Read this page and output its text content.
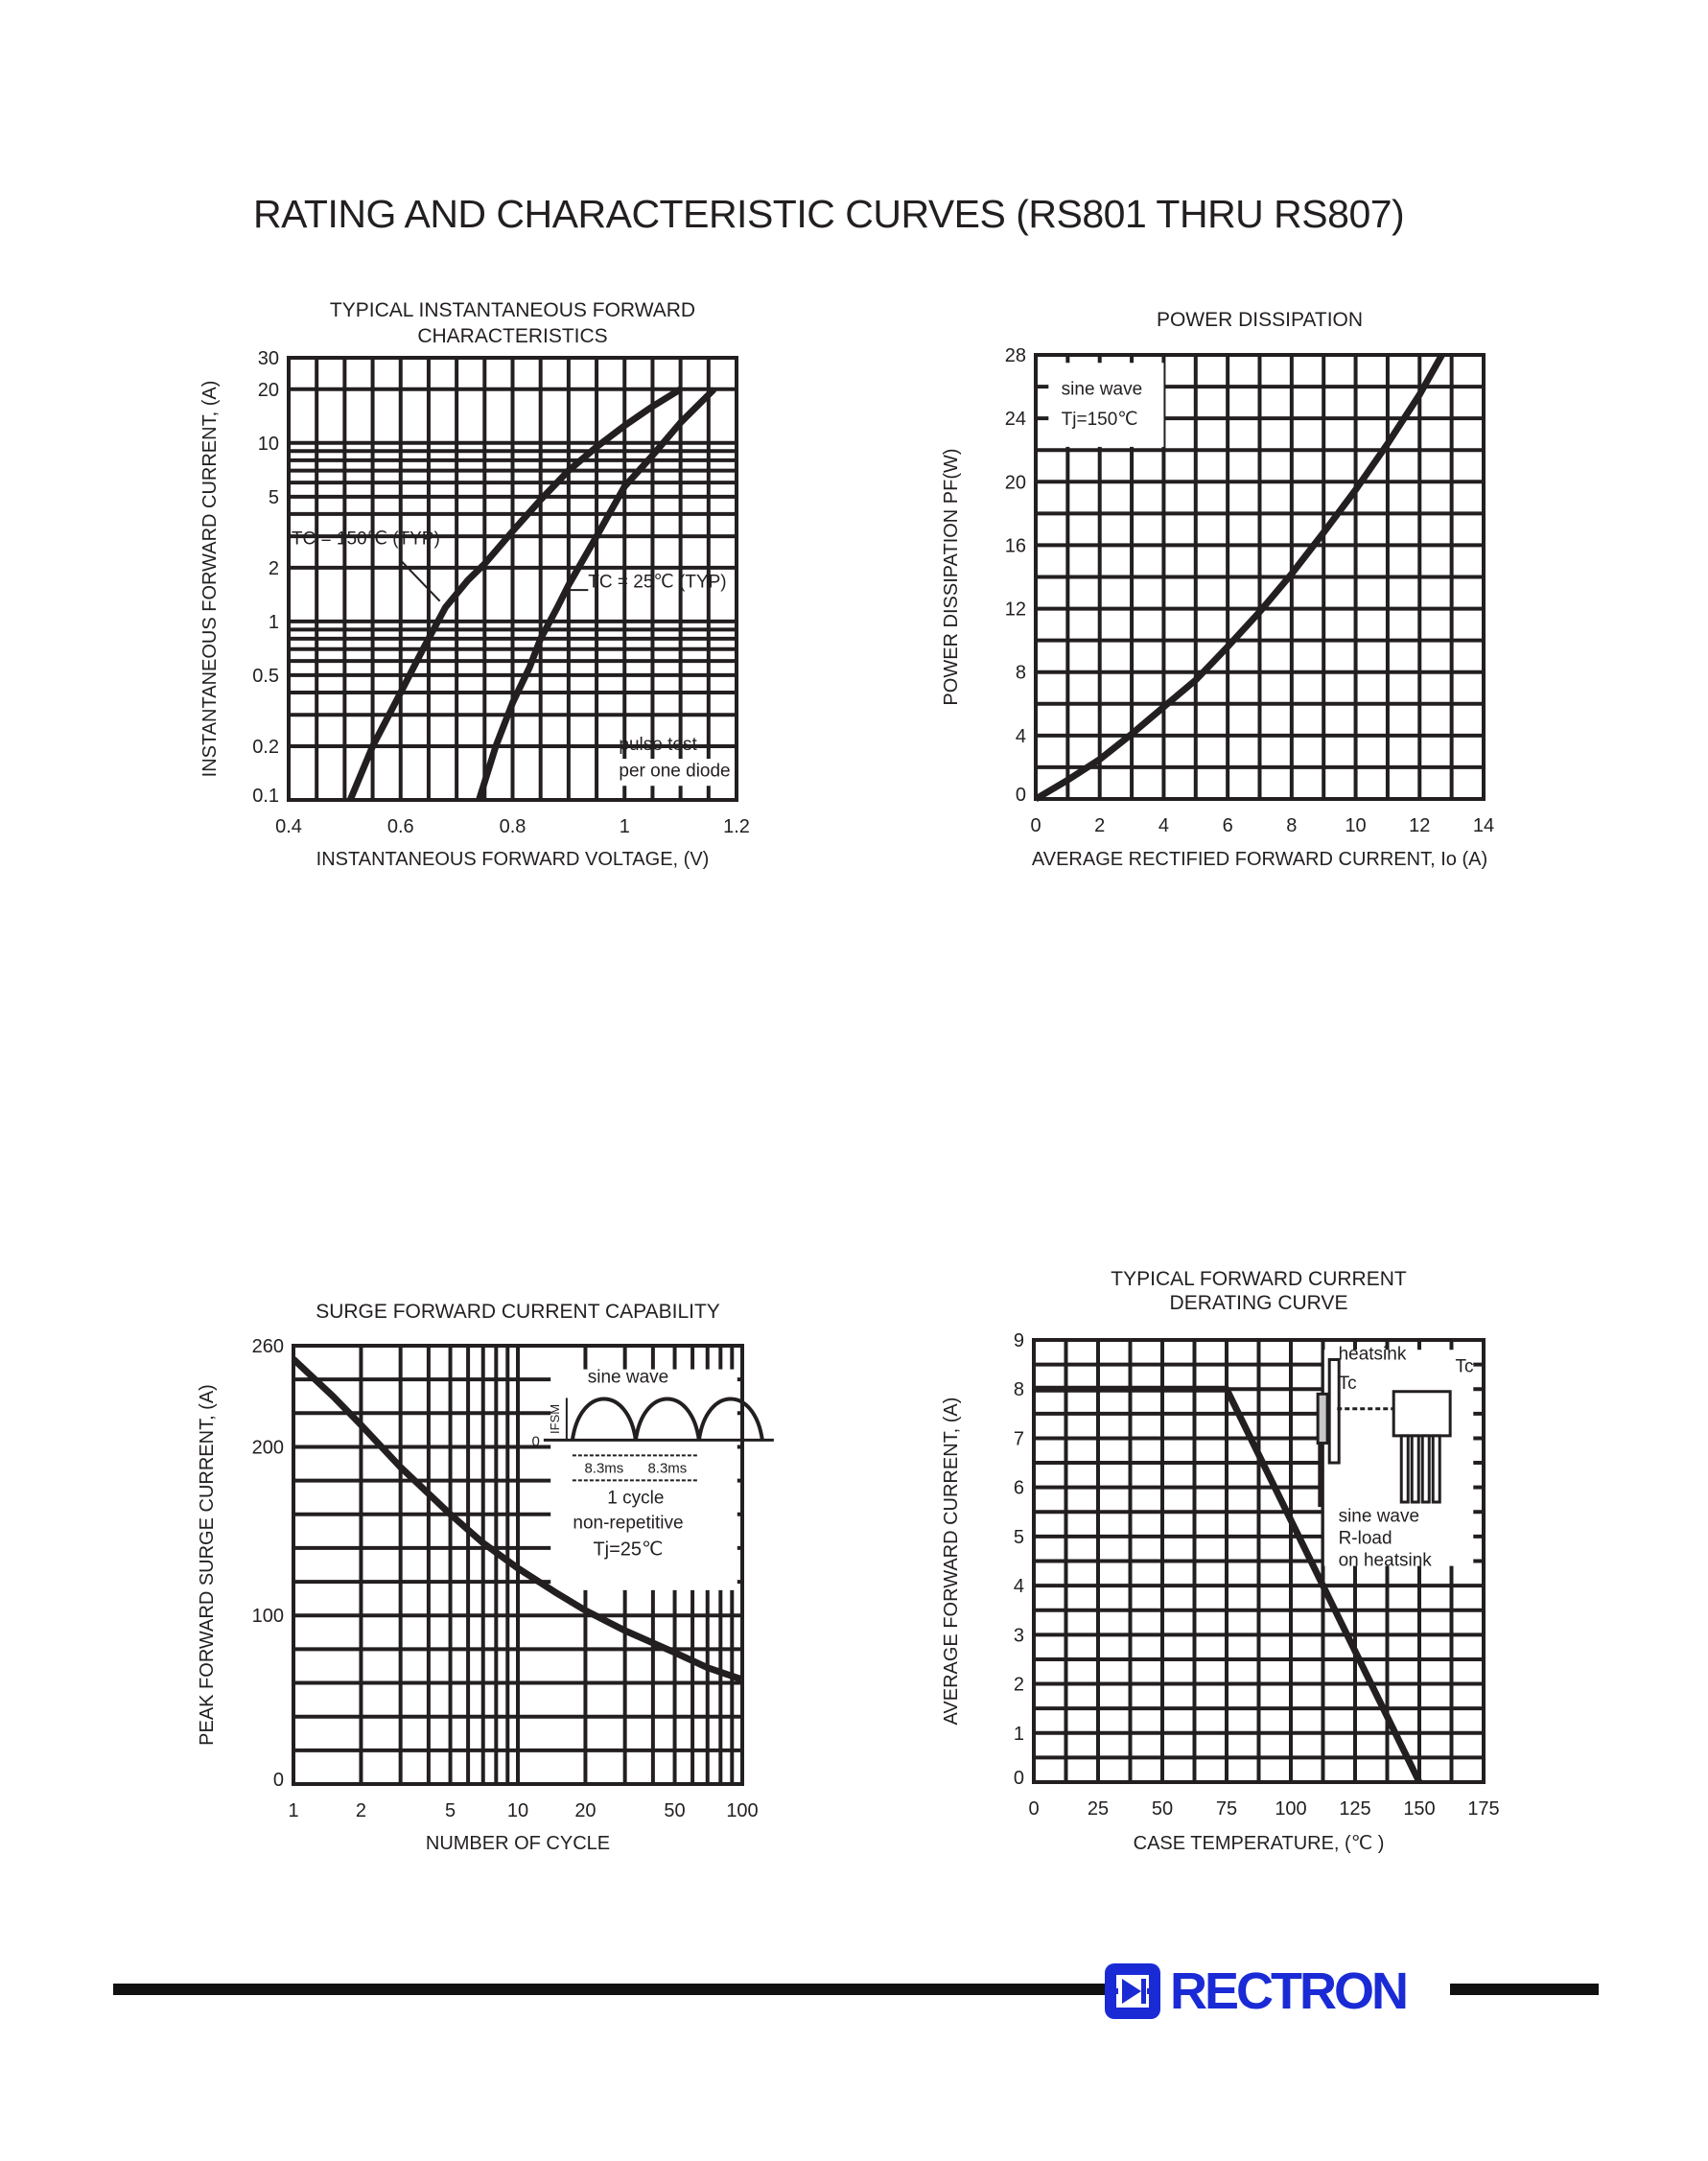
RATING AND CHARACTERISTIC CURVES (RS801 THRU RS807)
TYPICAL INSTANTANEOUS FORWARD
CHARACTERISTICS
INSTANTANEOUS FORWARD VOLTAGE, (V)
INSTANTANEOUS FORWARD CURRENT, (A)
0.4	0.6	0.8	1	1.2
30
20
10
5
2
1
0.5
0.2
0.1
TC = 150℃ (TYP)
TC = 25℃ (TYP)
pulse test
per one diode
POWER DISSIPATION
AVERAGE RECTIFIED FORWARD CURRENT, Io (A)
POWER DISSIPATION PF(W)
0	2	4	6	8	10 12 14
0
4
8
12
16
20
24
28
sine wave
Tj=150℃
SURGE FORWARD CURRENT CAPABILITY
NUMBER OF CYCLE
PEAK FORWARD SURGE CURRENT, (A)
1	2	5	10 20	50 100
260
200
100
0
sine wave
IFSM
0
8.3ms 8.3ms
1 cycle
non-repetitive
Tj=25℃
TYPICAL FORWARD CURRENT
DERATING CURVE
CASE TEMPERATURE, (℃ )
AVERAGE FORWARD CURRENT, (A)
0	25 50 75 100 125 150 175
0
1
2
3
4
5
6
7
8
9
heatsink
Tc
Tc
sine wave
R-load
on heatsink
RECTRON
